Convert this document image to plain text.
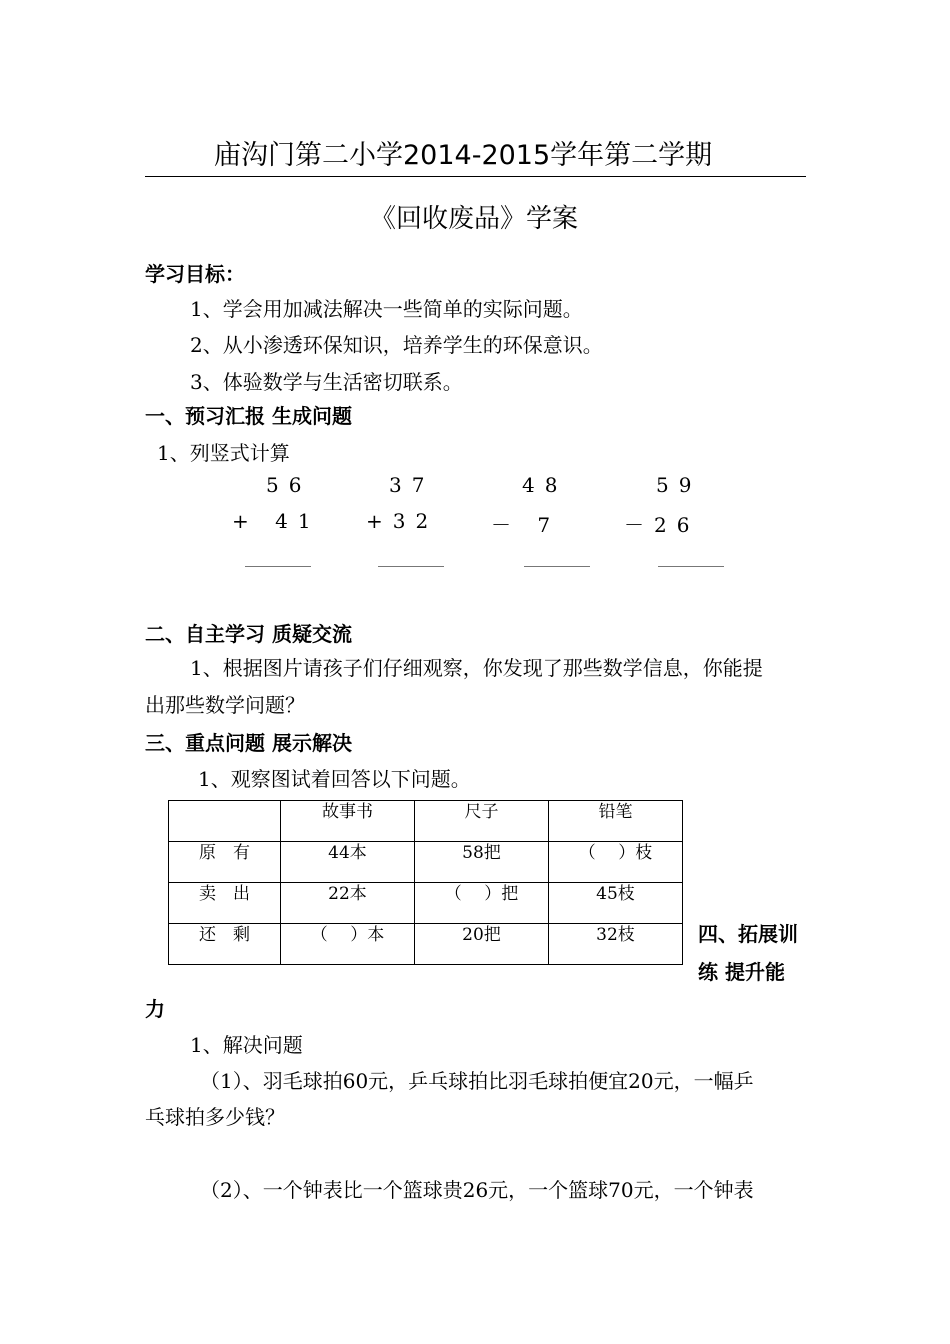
庙沟门第二小学2014-2015学年第二学期
《回收废品》学案
学习目标：
1、学会用加减法解决一些简单的实际问题。
2、从小渗透环保知识，培养学生的环保意识。
3、体验数学与生活密切联系。
一、预习汇报 生成问题
1、列竖式计算
56
+ 41
37
+32
48
－ 7
59
－26
二、自主学习 质疑交流
1、根据图片请孩子们仔细观察，你发现了那些数学信息，你能提
出那些数学问题？
三、重点问题 展示解决
1、观察图试着回答以下问题。
	故事书	尺子	铅笔
原　有	44本	58把	（　 ）枝
卖　出	22本	（　 ）把	45枝
还　剩	（　 ）本	20把	32枝	四、拓展训
练 提升能
力
1、解决问题
（1）、羽毛球拍60元，乒乓球拍比羽毛球拍便宜20元，一幅乒
乓球拍多少钱？
（2）、一个钟表比一个篮球贵26元，一个篮球70元，一个钟表
